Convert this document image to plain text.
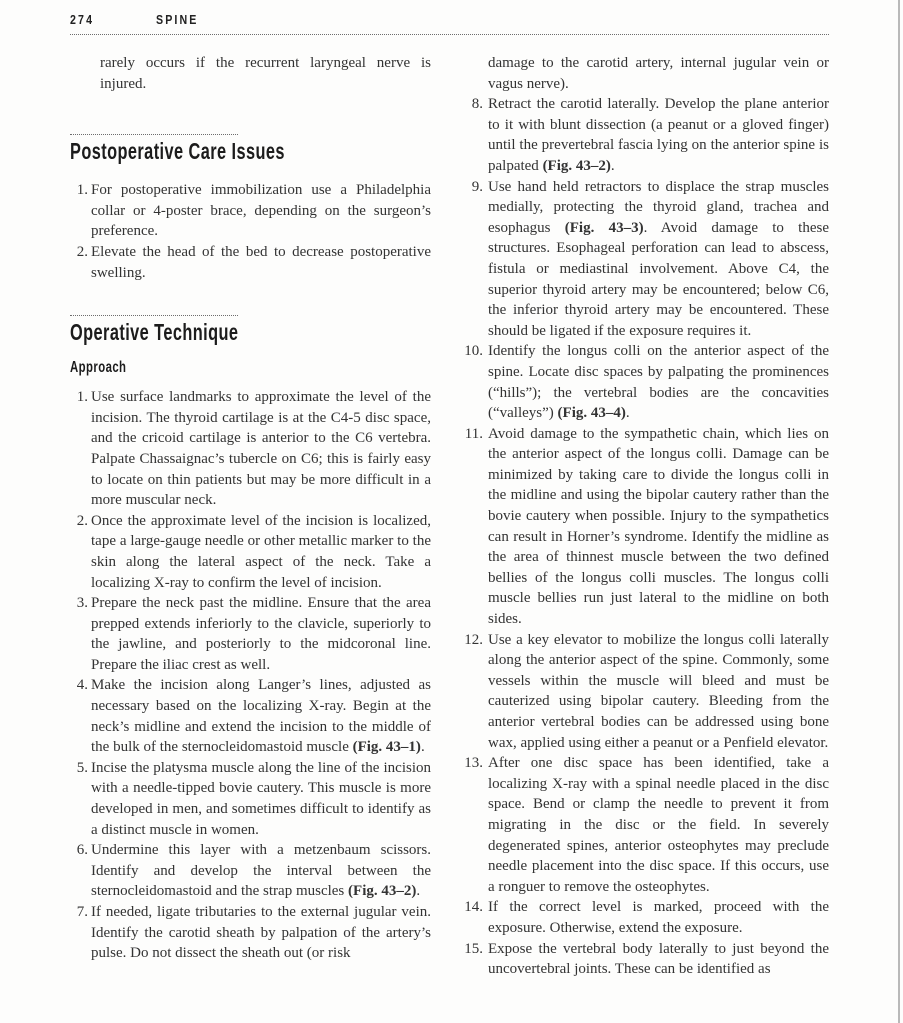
274	SPINE

rarely occurs if the recurrent laryngeal nerve is injured.

Postoperative Care Issues
1. For postoperative immobilization use a Philadelphia collar or 4-poster brace, depending on the surgeon’s preference.
2. Elevate the head of the bed to decrease postoperative swelling.
Operative Technique
Approach
1. Use surface landmarks to approximate the level of the incision. The thyroid cartilage is at the C4-5 disc space, and the cricoid cartilage is anterior to the C6 vertebra. Palpate Chassaignac’s tubercle on C6; this is fairly easy to locate on thin patients but may be more difficult in a more muscular neck.
2. Once the approximate level of the incision is localized, tape a large-gauge needle or other metallic marker to the skin along the lateral aspect of the neck. Take a localizing X-ray to confirm the level of incision.
3. Prepare the neck past the midline. Ensure that the area prepped extends inferiorly to the clavicle, superiorly to the jawline, and posteriorly to the midcoronal line. Prepare the iliac crest as well.
4. Make the incision along Langer’s lines, adjusted as necessary based on the localizing X-ray. Begin at the neck’s midline and extend the incision to the middle of the bulk of the sternocleidomastoid muscle (Fig. 43–1).
5. Incise the platysma muscle along the line of the incision with a needle-tipped bovie cautery. This muscle is more developed in men, and sometimes difficult to identify as a distinct muscle in women.
6. Undermine this layer with a metzenbaum scissors. Identify and develop the interval between the sternocleidomastoid and the strap muscles (Fig. 43–2).
7. If needed, ligate tributaries to the external jugular vein. Identify the carotid sheath by palpation of the artery’s pulse. Do not dissect the sheath out (or risk

damage to the carotid artery, internal jugular vein or vagus nerve).

8. Retract the carotid laterally. Develop the plane anterior to it with blunt dissection (a peanut or a gloved finger) until the prevertebral fascia lying on the anterior spine is palpated (Fig. 43–2).
9. Use hand held retractors to displace the strap muscles medially, protecting the thyroid gland, trachea and esophagus (Fig. 43–3). Avoid damage to these structures. Esophageal perforation can lead to abscess, fistula or mediastinal involvement. Above C4, the superior thyroid artery may be encountered; below C6, the inferior thyroid artery may be encountered. These should be ligated if the exposure requires it.
10. Identify the longus colli on the anterior aspect of the spine. Locate disc spaces by palpating the prominences (“hills”); the vertebral bodies are the concavities (“valleys”) (Fig. 43–4).
11. Avoid damage to the sympathetic chain, which lies on the anterior aspect of the longus colli. Damage can be minimized by taking care to divide the longus colli in the midline and using the bipolar cautery rather than the bovie cautery when possible. Injury to the sympathetics can result in Horner’s syndrome. Identify the midline as the area of thinnest muscle between the two defined bellies of the longus colli muscles. The longus colli muscle bellies run just lateral to the midline on both sides.
12. Use a key elevator to mobilize the longus colli laterally along the anterior aspect of the spine. Commonly, some vessels within the muscle will bleed and must be cauterized using bipolar cautery. Bleeding from the anterior vertebral bodies can be addressed using bone wax, applied using either a peanut or a Penfield elevator.
13. After one disc space has been identified, take a localizing X-ray with a spinal needle placed in the disc space. Bend or clamp the needle to prevent it from migrating in the disc or the field. In severely degenerated spines, anterior osteophytes may preclude needle placement into the disc space. If this occurs, use a ronguer to remove the osteophytes.
14. If the correct level is marked, proceed with the exposure. Otherwise, extend the exposure.
15. Expose the vertebral body laterally to just beyond the uncovertebral joints. These can be identified as
